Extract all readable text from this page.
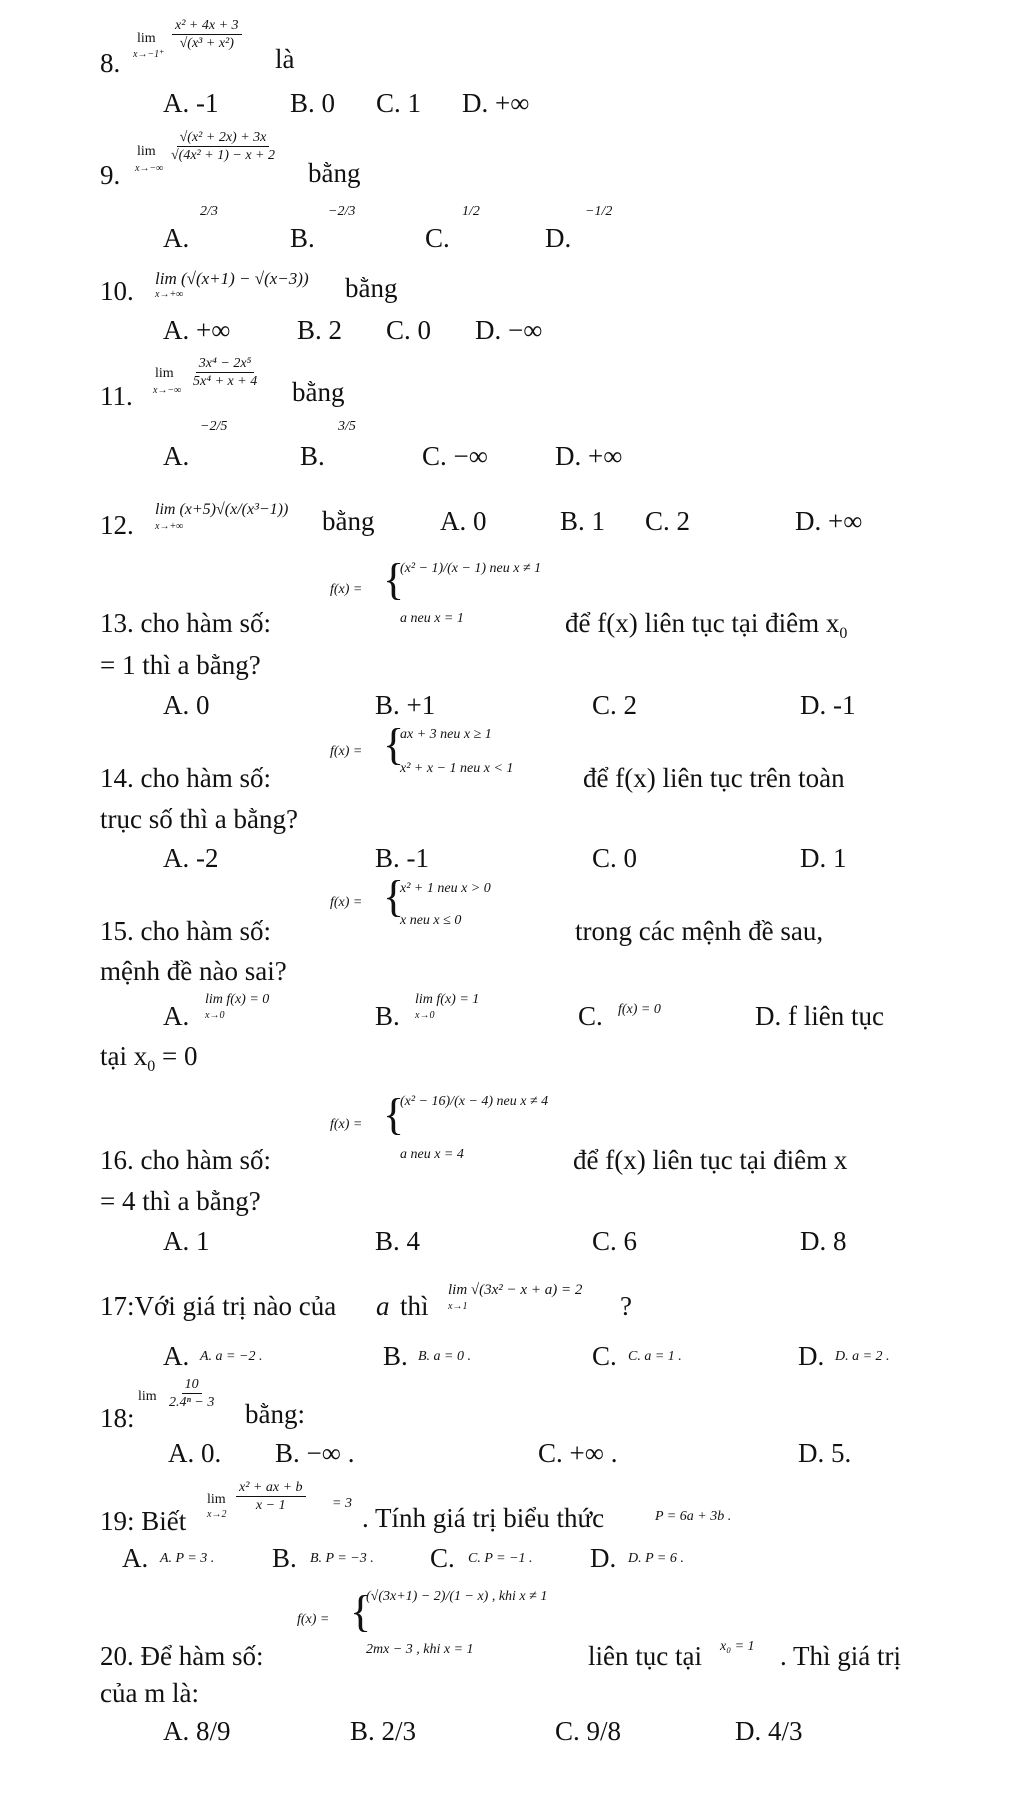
8.
lim
x→−1⁺
$\frac{\text{x² + 4x + 3}}{\text{√(x³ + x²)}}$
là
A. -1	B. 0 C. 1 D. +∞
9.
lim
x→−∞
$\frac{\text{√(x² + 2x) + 3x}}{\text{√(4x² + 1) − x + 2}}$
bằng
A.
2/3
B.
−2/3
C.
1/2
D.
−1/2
10. lim (√(x+1) − √(x−3))
x→+∞	bằng
A. +∞ B. 2 C. 0 D. −∞
11.
lim
x→−∞
$\frac{\text{3x⁴ − 2x⁵}}{\text{5x⁴ + x + 4}}$
bằng
A.
−2/5
B.
3/5
C. −∞ D. +∞
12.
lim (x+5)√(x/(x³−1))
x→+∞	bằng A. 0	B. 1 C. 2	D. +∞
13. cho hàm số:
f(x) = {
(x² − 1)/(x − 1) neu x ≠ 1
a neu x = 1	để f(x) liên tục tại điêm $x_0$
= 1 thì a bằng?
A. 0	B. +1	C. 2	D. -1
14. cho hàm số:
f(x) = {
ax + 3 neu x ≥ 1
x² + x − 1 neu x < 1	để f(x) liên tục trên toàn
trục số thì a bằng?
A. -2	B. -1	C. 0	D. 1
15. cho hàm số:
f(x) = {
x² + 1 neu x > 0
x neu x ≤ 0	trong các mệnh đề sau,
mệnh đề nào sai?
A.
lim f(x) = 0
x→0	B.
lim f(x) = 1
x→0	C. f(x) = 0	D. f liên tục
tại $x_0 = 0$
16. cho hàm số:
f(x) = {
(x² − 16)/(x − 4) neu x ≠ 4
a neu x = 4	để f(x) liên tục tại điêm x
= 4 thì a bằng?
A. 1	B. 4	C. 6	D. 8
17:Với giá trị nào của a thì
lim √(3x² − x + a) = 2
x→1	?
A. A. a = −2 .	B. B. a = 0 .	C. C. a = 1 .	D. D. a = 2 .
18:
$\lim \frac{10}{\text{2.4ⁿ − 3}}$
bằng:
A. 0. B. −∞ .	C. +∞ .	D. 5.
19: Biết
lim
x→2
$\frac{\text{x² + ax + b}}{x - 1} = 3$ . Tính giá trị biểu thức	P = 6a + 3b .
A. A. P = 3 . B. B. P = −3 . C. C. P = −1 . D. D. P = 6 .
20. Để hàm số:
f(x) = {
(√(3x+1) − 2)/(1 − x) , khi x ≠ 1
2mx − 3 , khi x = 1	liên tục tại x₀ = 1 . Thì giá trị
của m là:
A. 8/9	B. 2/3	C. 9/8	D. 4/3
